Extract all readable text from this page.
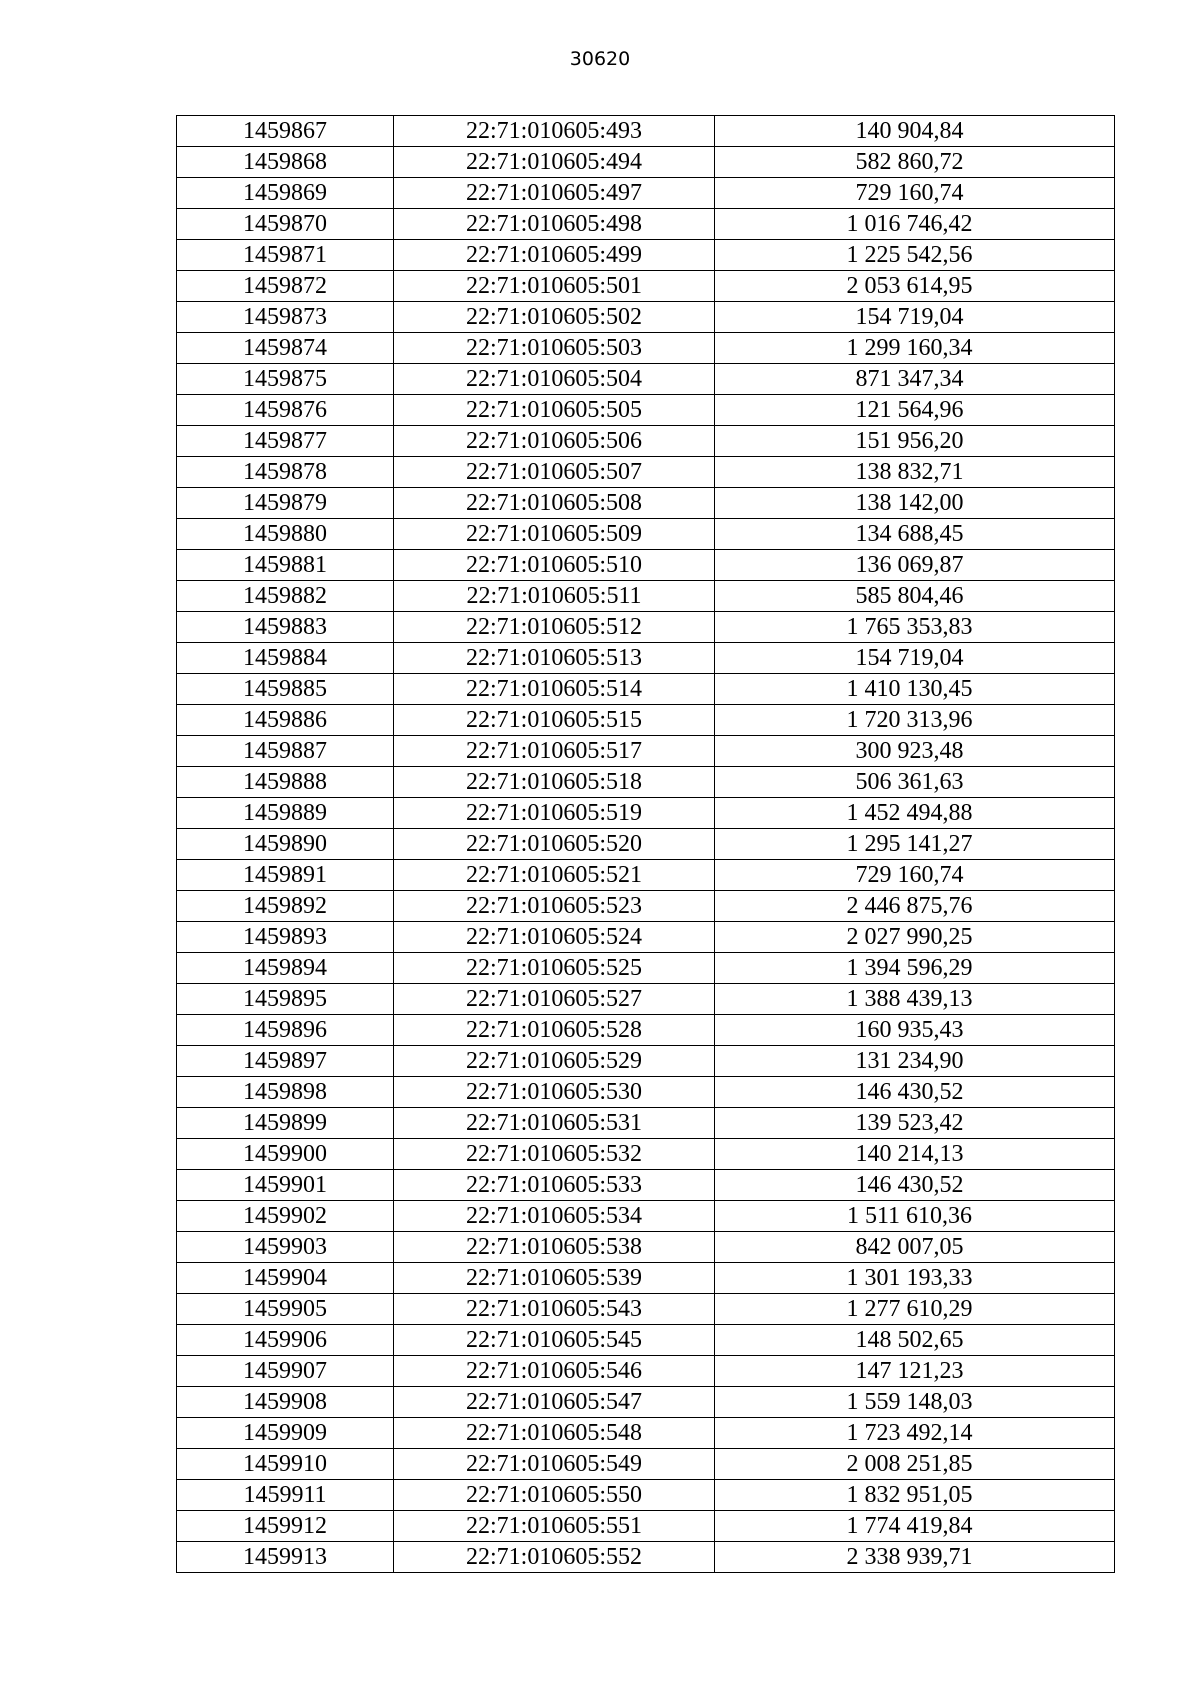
30620
1459867	22:71:010605:493	140 904,84
1459868	22:71:010605:494	582 860,72
1459869	22:71:010605:497	729 160,74
1459870	22:71:010605:498	1 016 746,42
1459871	22:71:010605:499	1 225 542,56
1459872	22:71:010605:501	2 053 614,95
1459873	22:71:010605:502	154 719,04
1459874	22:71:010605:503	1 299 160,34
1459875	22:71:010605:504	871 347,34
1459876	22:71:010605:505	121 564,96
1459877	22:71:010605:506	151 956,20
1459878	22:71:010605:507	138 832,71
1459879	22:71:010605:508	138 142,00
1459880	22:71:010605:509	134 688,45
1459881	22:71:010605:510	136 069,87
1459882	22:71:010605:511	585 804,46
1459883	22:71:010605:512	1 765 353,83
1459884	22:71:010605:513	154 719,04
1459885	22:71:010605:514	1 410 130,45
1459886	22:71:010605:515	1 720 313,96
1459887	22:71:010605:517	300 923,48
1459888	22:71:010605:518	506 361,63
1459889	22:71:010605:519	1 452 494,88
1459890	22:71:010605:520	1 295 141,27
1459891	22:71:010605:521	729 160,74
1459892	22:71:010605:523	2 446 875,76
1459893	22:71:010605:524	2 027 990,25
1459894	22:71:010605:525	1 394 596,29
1459895	22:71:010605:527	1 388 439,13
1459896	22:71:010605:528	160 935,43
1459897	22:71:010605:529	131 234,90
1459898	22:71:010605:530	146 430,52
1459899	22:71:010605:531	139 523,42
1459900	22:71:010605:532	140 214,13
1459901	22:71:010605:533	146 430,52
1459902	22:71:010605:534	1 511 610,36
1459903	22:71:010605:538	842 007,05
1459904	22:71:010605:539	1 301 193,33
1459905	22:71:010605:543	1 277 610,29
1459906	22:71:010605:545	148 502,65
1459907	22:71:010605:546	147 121,23
1459908	22:71:010605:547	1 559 148,03
1459909	22:71:010605:548	1 723 492,14
1459910	22:71:010605:549	2 008 251,85
1459911	22:71:010605:550	1 832 951,05
1459912	22:71:010605:551	1 774 419,84
1459913	22:71:010605:552	2 338 939,71
